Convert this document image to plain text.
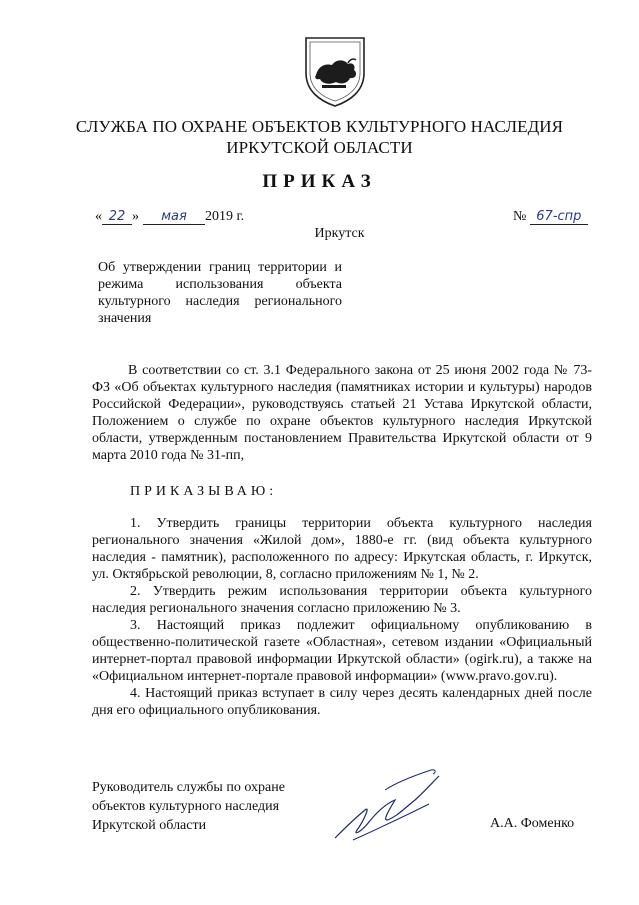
СЛУЖБА ПО ОХРАНЕ ОБЪЕКТОВ КУЛЬТУРНОГО НАСЛЕДИЯ
ИРКУТСКОЙ ОБЛАСТИ
ПРИКАЗ
« 22 » мая 2019 г.	№ 67-спр
Иркутск
Об утверждении границ территории и режима использования объекта культурного наследия регионального значения
В соответствии со ст. 3.1 Федерального закона от 25 июня 2002 года № 73-ФЗ «Об объектах культурного наследия (памятниках истории и культуры) народов Российской Федерации», руководствуясь статьей 21 Устава Иркутской области, Положением о службе по охране объектов культурного наследия Иркутской области, утвержденным постановлением Правительства Иркутской области от 9 марта 2010 года № 31-пп,
ПРИКАЗЫВАЮ:

1. Утвердить границы территории объекта культурного наследия регионального значения «Жилой дом», 1880-е гг. (вид объекта культурного наследия - памятник), расположенного по адресу: Иркутская область, г. Иркутск, ул. Октябрьской революции, 8, согласно приложениям № 1, № 2.

2. Утвердить режим использования территории объекта культурного наследия регионального значения согласно приложению № 3.

3. Настоящий приказ подлежит официальному опубликованию в общественно-политической газете «Областная», сетевом издании «Официальный интернет-портал правовой информации Иркутской области» (ogirk.ru), а также на «Официальном интернет-портале правовой информации» (www.pravo.gov.ru).

4. Настоящий приказ вступает в силу через десять календарных дней после дня его официального опубликования.

Руководитель службы по охране
объектов культурного наследия
Иркутской области	А.А. Фоменко
